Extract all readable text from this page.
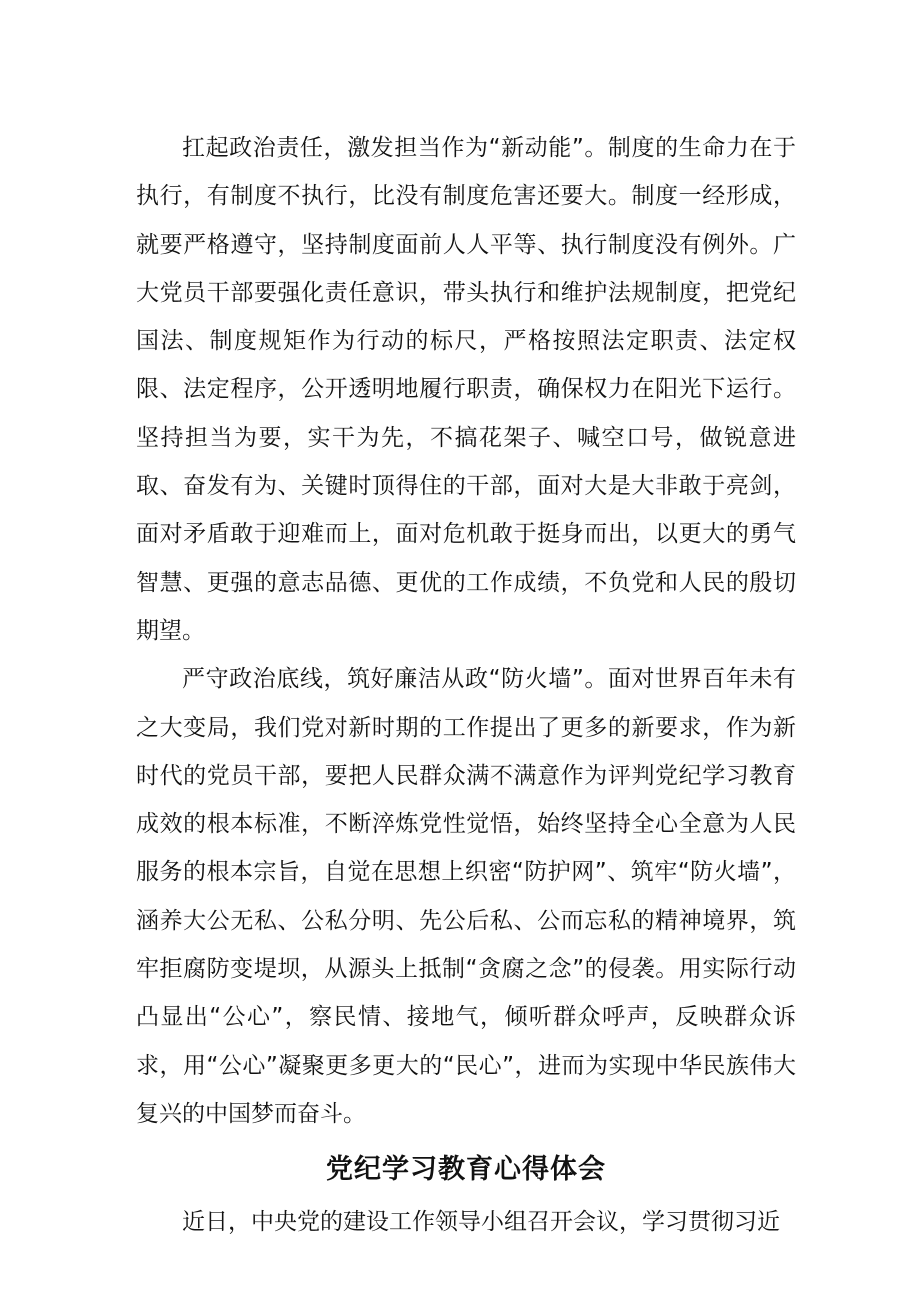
扛起政治责任，激发担当作为“新动能”。制度的生命力在于执行，有制度不执行，比没有制度危害还要大。制度一经形成，就要严格遵守，坚持制度面前人人平等、执行制度没有例外。广大党员干部要强化责任意识，带头执行和维护法规制度，把党纪国法、制度规矩作为行动的标尺，严格按照法定职责、法定权限、法定程序，公开透明地履行职责，确保权力在阳光下运行。坚持担当为要，实干为先，不搞花架子、喊空口号，做锐意进取、奋发有为、关键时顶得住的干部，面对大是大非敢于亮剑，面对矛盾敢于迎难而上，面对危机敢于挺身而出，以更大的勇气智慧、更强的意志品德、更优的工作成绩，不负党和人民的殷切期望。

严守政治底线，筑好廉洁从政“防火墙”。面对世界百年未有之大变局，我们党对新时期的工作提出了更多的新要求，作为新时代的党员干部，要把人民群众满不满意作为评判党纪学习教育成效的根本标准，不断淬炼党性觉悟，始终坚持全心全意为人民服务的根本宗旨，自觉在思想上织密“防护网”、筑牢“防火墙”，涵养大公无私、公私分明、先公后私、公而忘私的精神境界，筑牢拒腐防变堤坝，从源头上抵制“贪腐之念”的侵袭。用实际行动凸显出“公心”，察民情、接地气，倾听群众呼声，反映群众诉求，用“公心”凝聚更多更大的“民心”，进而为实现中华民族伟大复兴的中国梦而奋斗。

党纪学习教育心得体会

近日，中央党的建设工作领导小组召开会议，学习贯彻习近
